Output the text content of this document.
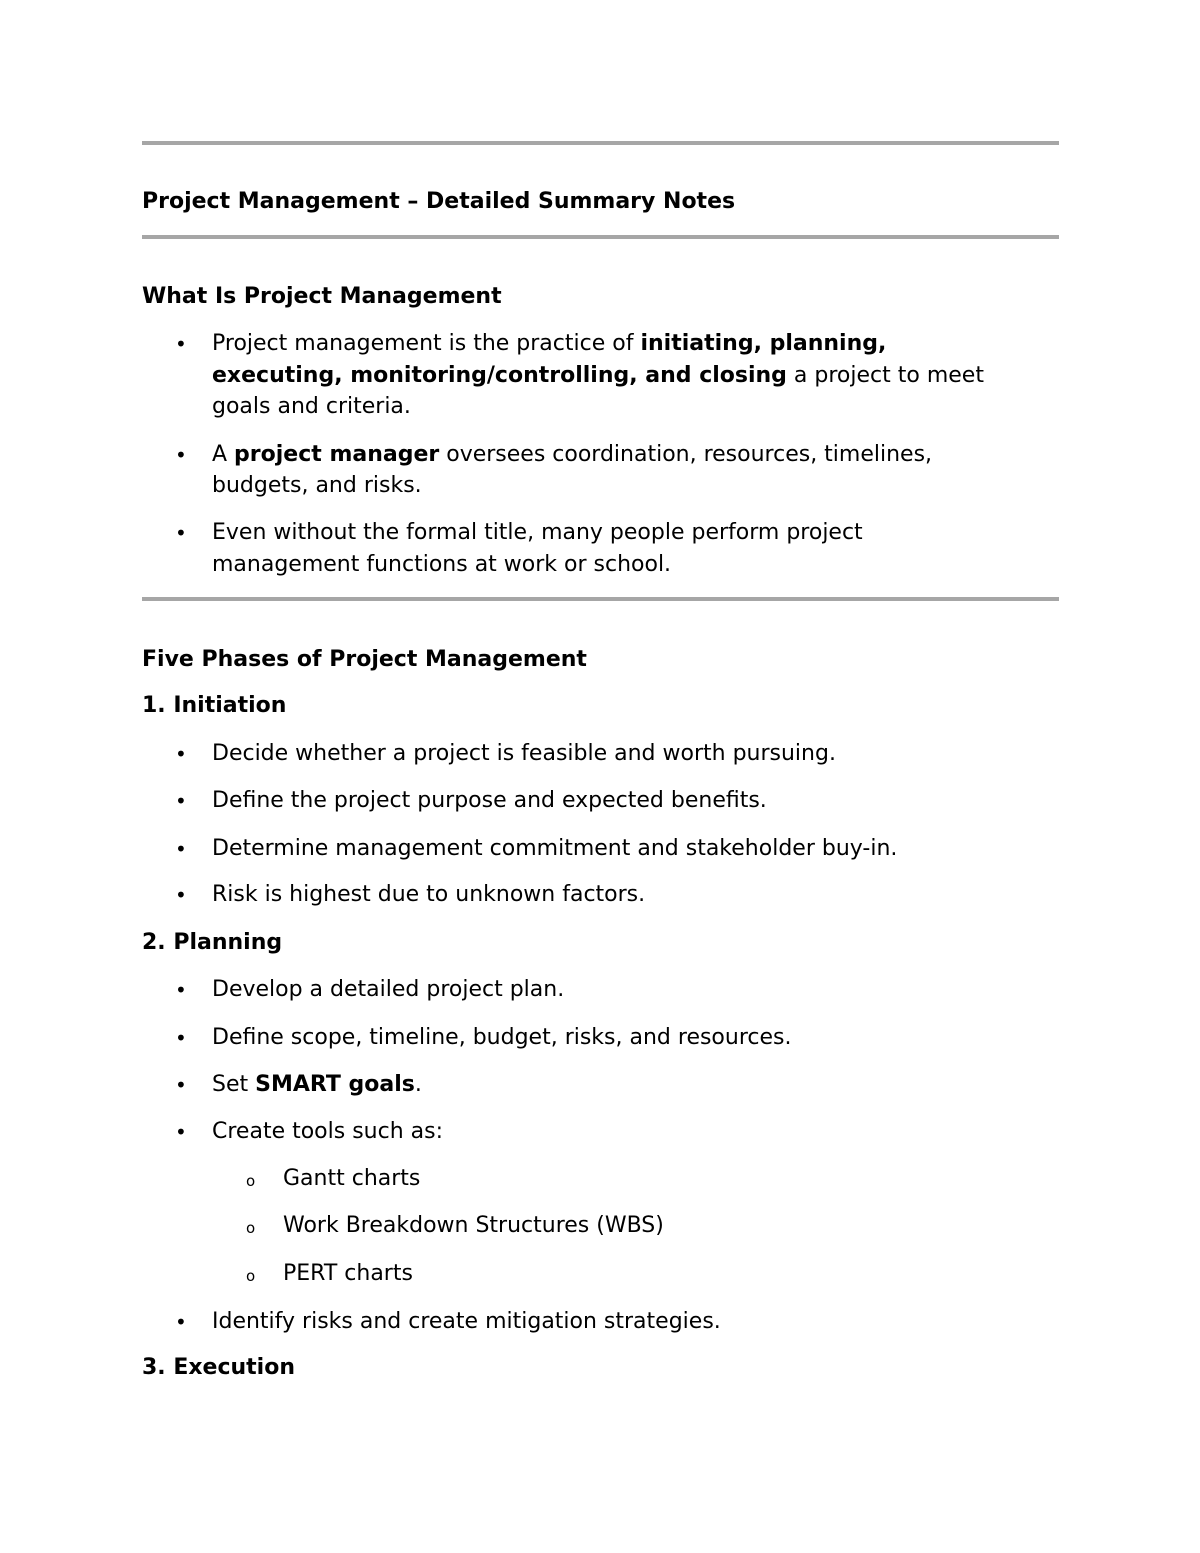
Project Management – Detailed Summary Notes
What Is Project Management
• Project management is the practice of initiating, planning,
executing, monitoring/controlling, and closing a project to meet
goals and criteria.
• A project manager oversees coordination, resources, timelines,
budgets, and risks.
• Even without the formal title, many people perform project
management functions at work or school.
Five Phases of Project Management
1. Initiation
• Decide whether a project is feasible and worth pursuing.
• Define the project purpose and expected benefits.
• Determine management commitment and stakeholder buy-in.
• Risk is highest due to unknown factors.
2. Planning
• Develop a detailed project plan.
• Define scope, timeline, budget, risks, and resources.
• Set SMART goals.
• Create tools such as:
o Gantt charts
o Work Breakdown Structures (WBS)
o PERT charts
• Identify risks and create mitigation strategies.
3. Execution
